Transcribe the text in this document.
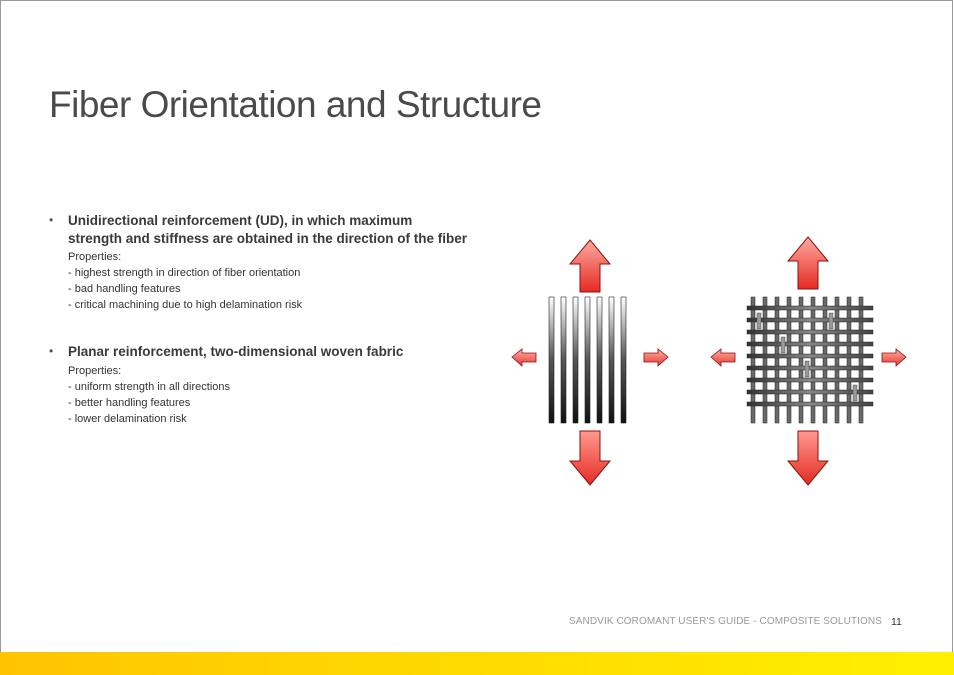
Fiber Orientation and Structure
• Unidirectional reinforcement (UD), in which maximum strength and stiffness are obtained in the direction of the fiber
Properties:
- highest strength in direction of fiber orientation
- bad handling features
- critical machining due to high delamination risk
• Planar reinforcement, two-dimensional woven fabric
Properties:
- uniform strength in all directions
- better handling features
- lower delamination risk
SANDVIK COROMANT USER'S GUIDE - COMPOSITE SOLUTIONS 11
